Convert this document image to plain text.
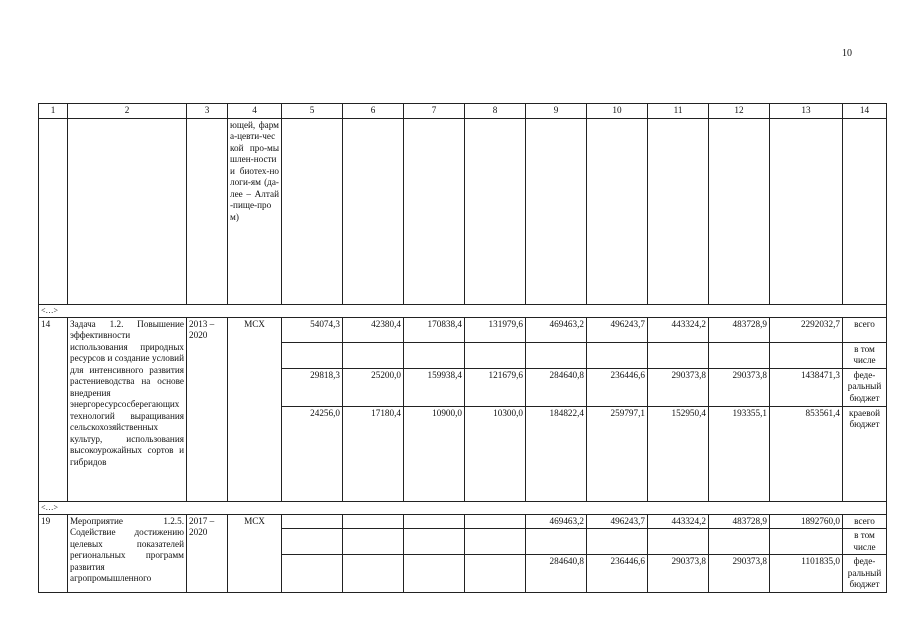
10
1	2	3	4	5	6	7	8	9	10	11	12	13	14
			ющей, фарма-цевти-ческой про-мышлен-ности и биотех-нологи-ям (да-лее – Алтай-пище-пром)										
<…>													
14	Задача 1.2. Повышение эффективности использования природных ресурсов и создание условий для интенсивного развития растениеводства на основе внедрения энергоресурсосберегающих технологий выращивания сельскохозяйственных культур, использования высокоурожайных сортов и гибридов	2013 – 2020	МСХ	54074,3	42380,4	170838,4	131979,6	469463,2	496243,7	443324,2	483728,9	2292032,7	всего
													в том числе
				29818,3	25200,0	159938,4	121679,6	284640,8	236446,6	290373,8	290373,8	1438471,3	феде-ральный бюджет
				24256,0	17180,4	10900,0	10300,0	184822,4	259797,1	152950,4	193355,1	853561,4	краевой бюджет
<…>													
19	Мероприятие 1.2.5. Содействие достижению целевых показателей региональных программ развития агропромышленного	2017 – 2020	МСХ					469463,2	496243,7	443324,2	483728,9	1892760,0	всего
													в том числе
								284640,8	236446,6	290373,8	290373,8	1101835,0	феде-ральный бюджет
